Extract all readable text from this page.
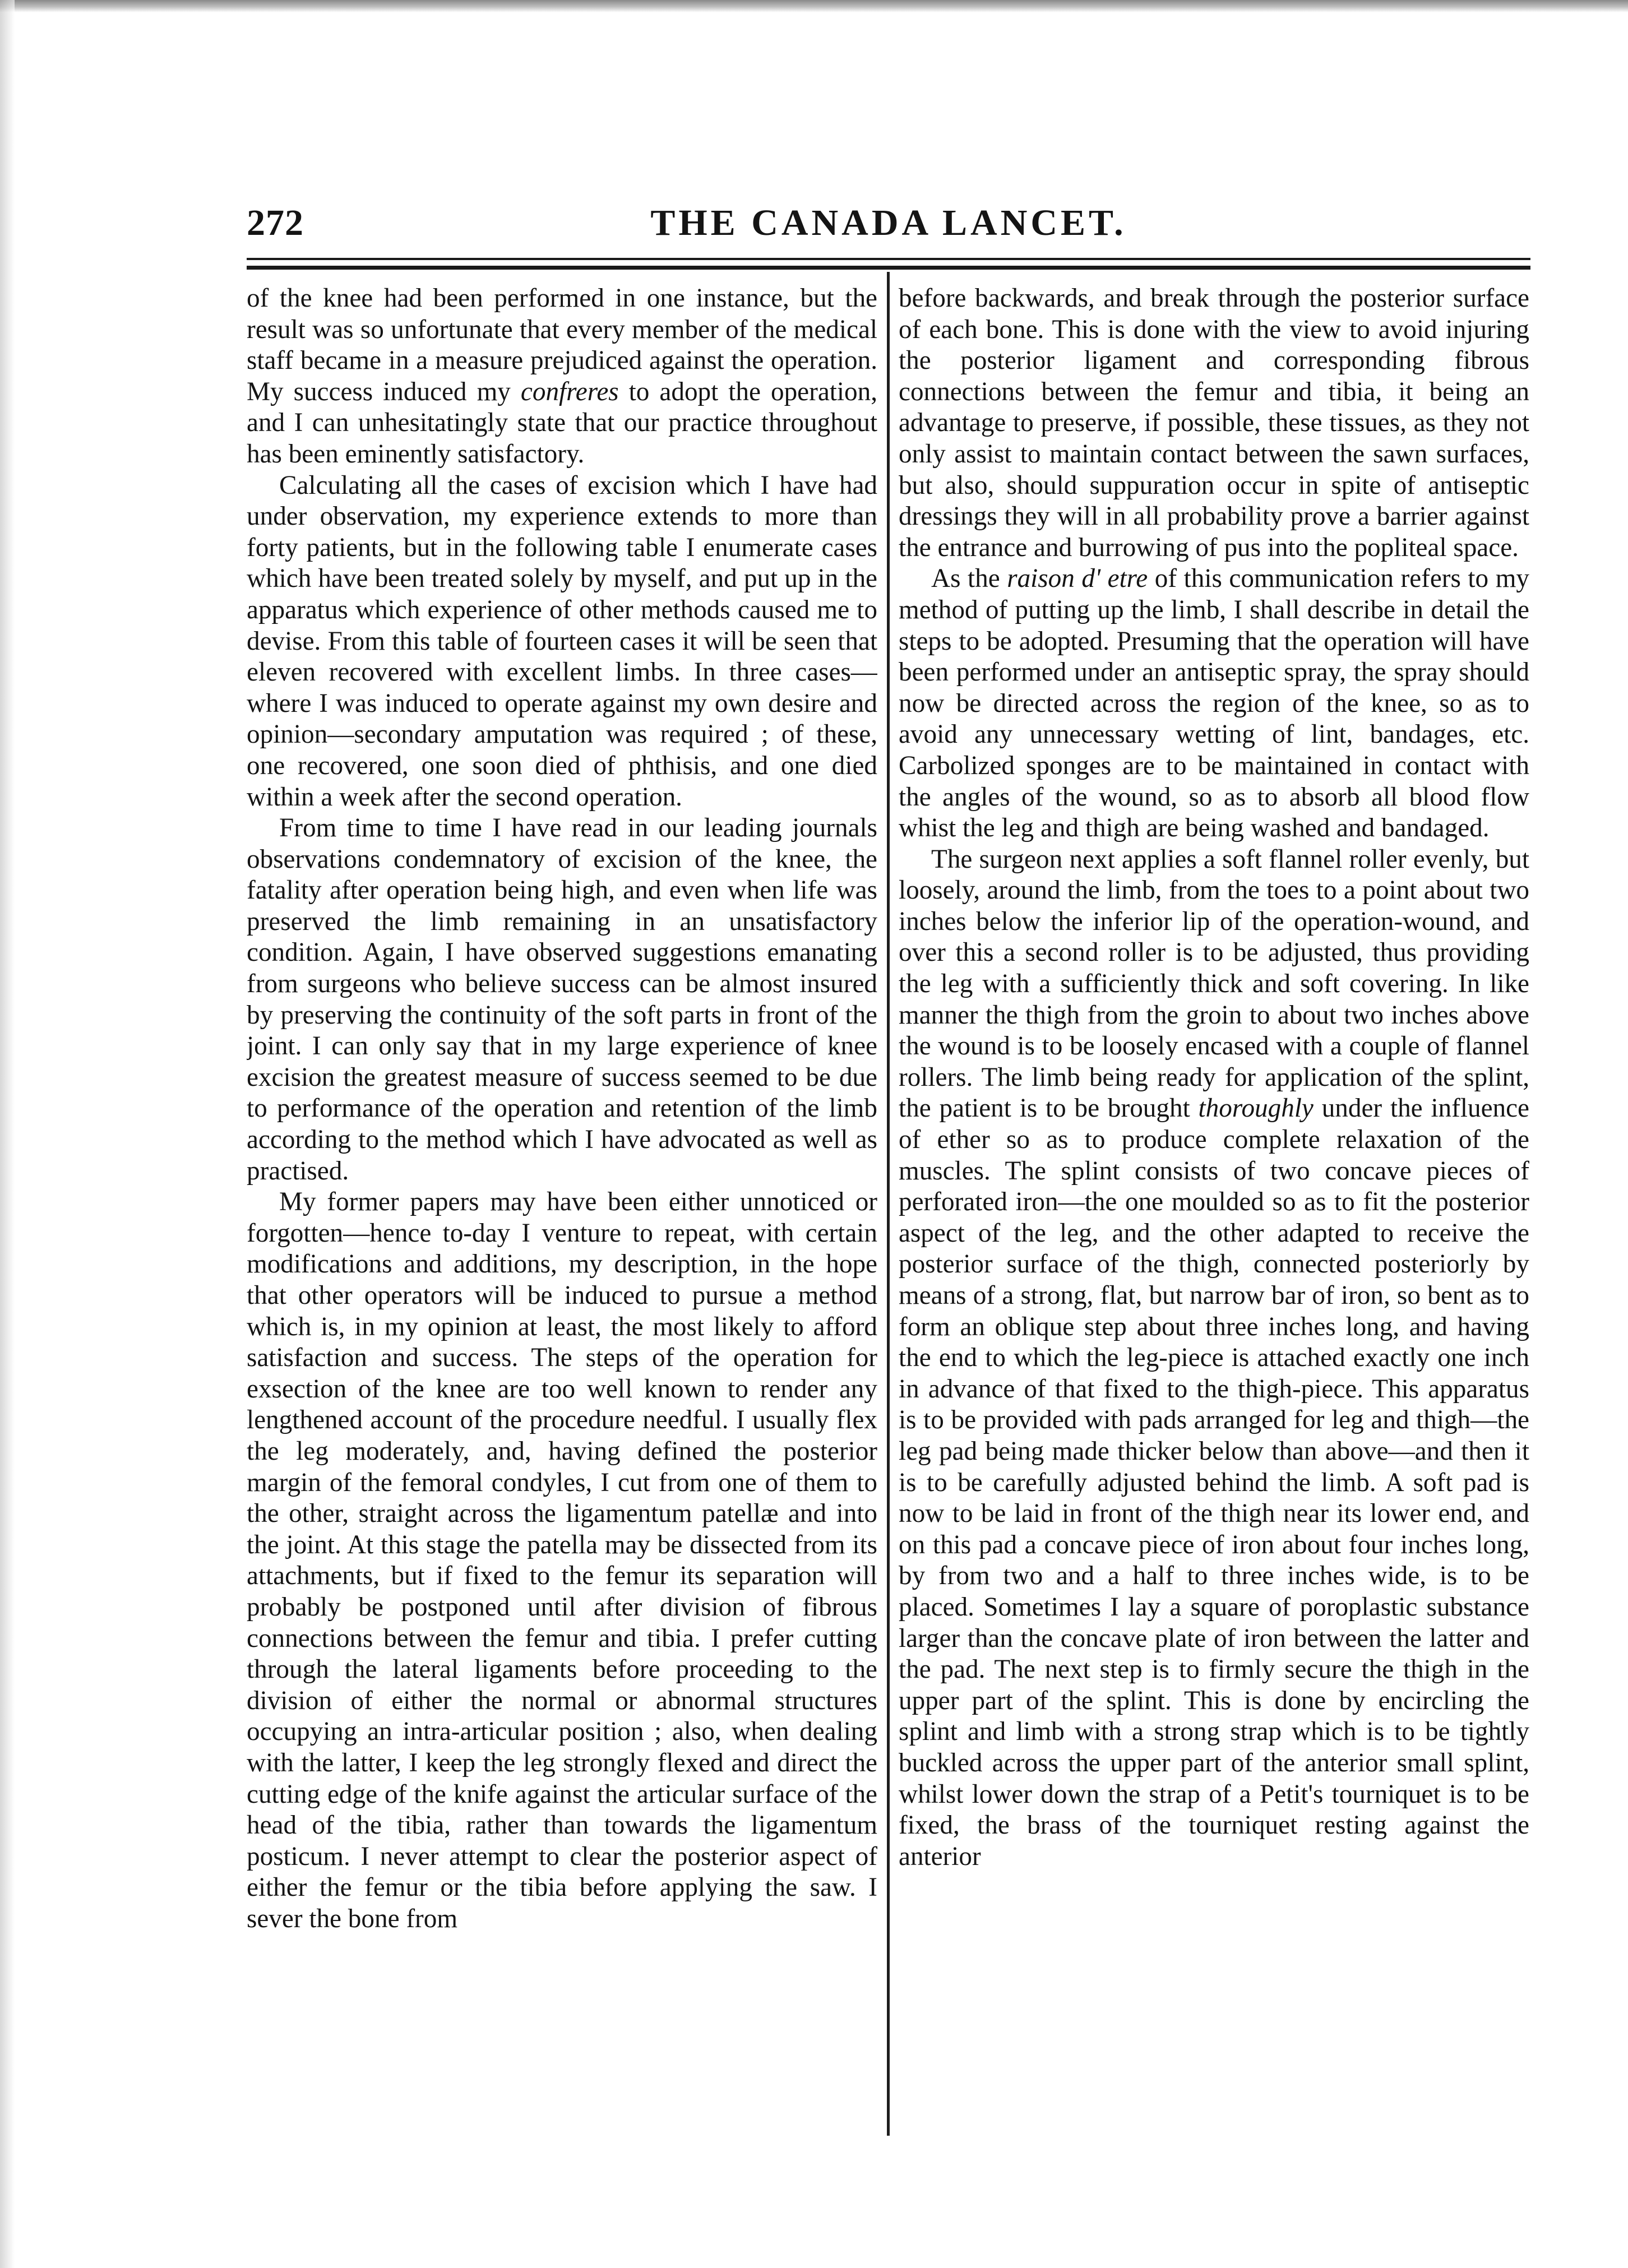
272	THE CANADA LANCET.

of the knee had been performed in one instance, but the result was so unfortunate that every member of the medical staff became in a measure prejudiced against the operation. My success induced my confreres to adopt the operation, and I can unhesitatingly state that our practice throughout has been eminently satisfactory.

Calculating all the cases of excision which I have had under observation, my experience extends to more than forty patients, but in the following table I enumerate cases which have been treated solely by myself, and put up in the apparatus which experience of other methods caused me to devise. From this table of fourteen cases it will be seen that eleven recovered with excellent limbs. In three cases—where I was induced to operate against my own desire and opinion—secondary amputation was required ; of these, one recovered, one soon died of phthisis, and one died within a week after the second operation.

From time to time I have read in our leading journals observations condemnatory of excision of the knee, the fatality after operation being high, and even when life was preserved the limb remaining in an unsatisfactory condition. Again, I have observed suggestions emanating from surgeons who believe success can be almost insured by preserving the continuity of the soft parts in front of the joint. I can only say that in my large experience of knee excision the greatest measure of success seemed to be due to performance of the operation and retention of the limb according to the method which I have advocated as well as practised.

My former papers may have been either unnoticed or forgotten—hence to-day I venture to repeat, with certain modifications and additions, my description, in the hope that other operators will be induced to pursue a method which is, in my opinion at least, the most likely to afford satisfaction and success. The steps of the operation for exsection of the knee are too well known to render any lengthened account of the procedure needful. I usually flex the leg moderately, and, having defined the posterior margin of the femoral condyles, I cut from one of them to the other, straight across the ligamentum patellæ and into the joint. At this stage the patella may be dissected from its attachments, but if fixed to the femur its separation will probably be postponed until after division of fibrous connections between the femur and tibia. I prefer cutting through the lateral ligaments before proceeding to the division of either the normal or abnormal structures occupying an intra-articular position ; also, when dealing with the latter, I keep the leg strongly flexed and direct the cutting edge of the knife against the articular surface of the head of the tibia, rather than towards the ligamentum posticum. I never attempt to clear the posterior aspect of either the femur or the tibia before applying the saw. I sever the bone from

before backwards, and break through the posterior surface of each bone. This is done with the view to avoid injuring the posterior ligament and corresponding fibrous connections between the femur and tibia, it being an advantage to preserve, if possible, these tissues, as they not only assist to maintain contact between the sawn surfaces, but also, should suppuration occur in spite of antiseptic dressings they will in all probability prove a barrier against the entrance and burrowing of pus into the popliteal space.

As the raison d' etre of this communication refers to my method of putting up the limb, I shall describe in detail the steps to be adopted. Presuming that the operation will have been performed under an antiseptic spray, the spray should now be directed across the region of the knee, so as to avoid any unnecessary wetting of lint, bandages, etc. Carbolized sponges are to be maintained in contact with the angles of the wound, so as to absorb all blood flow whist the leg and thigh are being washed and bandaged.

The surgeon next applies a soft flannel roller evenly, but loosely, around the limb, from the toes to a point about two inches below the inferior lip of the operation-wound, and over this a second roller is to be adjusted, thus providing the leg with a sufficiently thick and soft covering. In like manner the thigh from the groin to about two inches above the wound is to be loosely encased with a couple of flannel rollers. The limb being ready for application of the splint, the patient is to be brought thoroughly under the influence of ether so as to produce complete relaxation of the muscles. The splint consists of two concave pieces of perforated iron—the one moulded so as to fit the posterior aspect of the leg, and the other adapted to receive the posterior surface of the thigh, connected posteriorly by means of a strong, flat, but narrow bar of iron, so bent as to form an oblique step about three inches long, and having the end to which the leg-piece is attached exactly one inch in advance of that fixed to the thigh-piece. This apparatus is to be provided with pads arranged for leg and thigh—the leg pad being made thicker below than above—and then it is to be carefully adjusted behind the limb. A soft pad is now to be laid in front of the thigh near its lower end, and on this pad a concave piece of iron about four inches long, by from two and a half to three inches wide, is to be placed. Sometimes I lay a square of poroplastic substance larger than the concave plate of iron between the latter and the pad. The next step is to firmly secure the thigh in the upper part of the splint. This is done by encircling the splint and limb with a strong strap which is to be tightly buckled across the upper part of the anterior small splint, whilst lower down the strap of a Petit's tourniquet is to be fixed, the brass of the tourniquet resting against the anterior
